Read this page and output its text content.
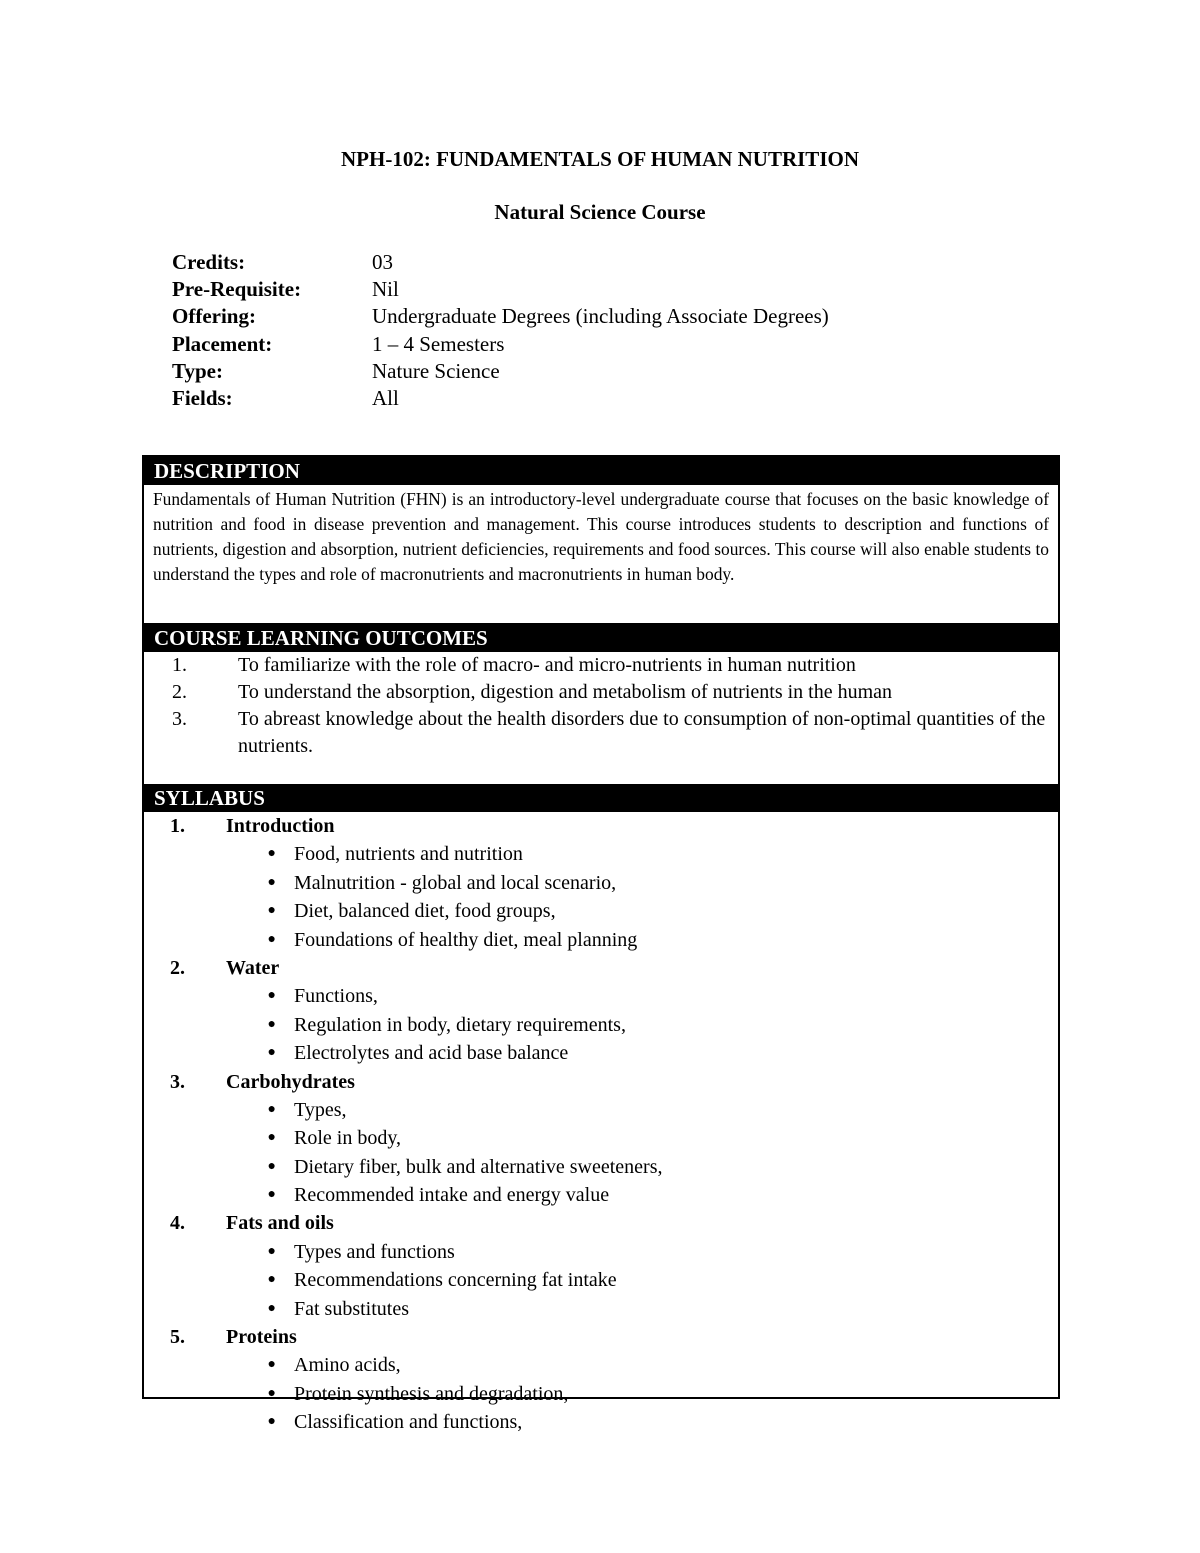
NPH-102: FUNDAMENTALS OF HUMAN NUTRITION
Natural Science Course
Credits:	03
Pre-Requisite:	Nil
Offering:	Undergraduate Degrees (including Associate Degrees)
Placement:	1 – 4 Semesters
Type:	Nature Science
Fields:	All
DESCRIPTION
Fundamentals of Human Nutrition (FHN) is an introductory-level undergraduate course that focuses on the basic knowledge of nutrition and food in disease prevention and management. This course introduces students to description and functions of nutrients, digestion and absorption, nutrient deficiencies, requirements and food sources. This course will also enable students to understand the types and role of macronutrients and macronutrients in human body.
COURSE LEARNING OUTCOMES
1.	To familiarize with the role of macro- and micro-nutrients in human nutrition
2.	To understand the absorption, digestion and metabolism of nutrients in the human
3.	To abreast knowledge about the health disorders due to consumption of non-optimal quantities of the nutrients.
SYLLABUS
1.	Introduction
● Food, nutrients and nutrition
● Malnutrition - global and local scenario,
● Diet, balanced diet, food groups,
● Foundations of healthy diet, meal planning
2.	Water
● Functions,
● Regulation in body, dietary requirements,
● Electrolytes and acid base balance
3.	Carbohydrates
● Types,
● Role in body,
● Dietary fiber, bulk and alternative sweeteners,
● Recommended intake and energy value
4.	Fats and oils
● Types and functions
● Recommendations concerning fat intake
● Fat substitutes
5.	Proteins
● Amino acids,
● Protein synthesis and degradation,
● Classification and functions,
